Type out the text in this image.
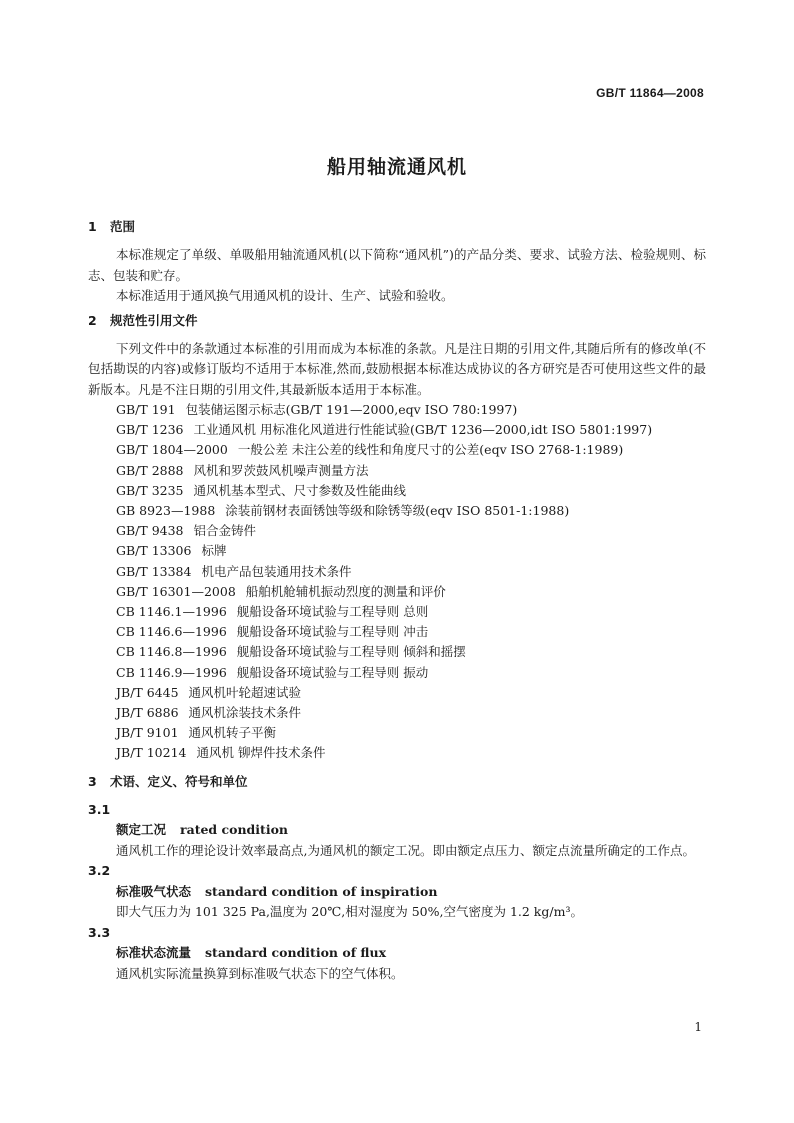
GB/T 11864—2008
船用轴流通风机
1 范围

本标准规定了单级、单吸船用轴流通风机(以下简称“通风机”)的产品分类、要求、试验方法、检验规则、标志、包装和贮存。

本标准适用于通风换气用通风机的设计、生产、试验和验收。

2 规范性引用文件

下列文件中的条款通过本标准的引用而成为本标准的条款。凡是注日期的引用文件,其随后所有的修改单(不包括勘误的内容)或修订版均不适用于本标准,然而,鼓励根据本标准达成协议的各方研究是否可使用这些文件的最新版本。凡是不注日期的引用文件,其最新版本适用于本标准。

GB/T 191 包装储运图示标志(GB/T 191—2000,eqv ISO 780:1997)

GB/T 1236 工业通风机 用标准化风道进行性能试验(GB/T 1236—2000,idt ISO 5801:1997)

GB/T 1804—2000 一般公差 未注公差的线性和角度尺寸的公差(eqv ISO 2768-1:1989)

GB/T 2888 风机和罗茨鼓风机噪声测量方法

GB/T 3235 通风机基本型式、尺寸参数及性能曲线

GB 8923—1988 涂装前钢材表面锈蚀等级和除锈等级(eqv ISO 8501-1:1988)

GB/T 9438 铝合金铸件

GB/T 13306 标牌

GB/T 13384 机电产品包装通用技术条件

GB/T 16301—2008 船舶机舱辅机振动烈度的测量和评价

CB 1146.1—1996 舰船设备环境试验与工程导则 总则

CB 1146.6—1996 舰船设备环境试验与工程导则 冲击

CB 1146.8—1996 舰船设备环境试验与工程导则 倾斜和摇摆

CB 1146.9—1996 舰船设备环境试验与工程导则 振动

JB/T 6445 通风机叶轮超速试验

JB/T 6886 通风机涂装技术条件

JB/T 9101 通风机转子平衡

JB/T 10214 通风机 铆焊件技术条件

3 术语、定义、符号和单位

3.1

额定工况 rated condition

通风机工作的理论设计效率最高点,为通风机的额定工况。即由额定点压力、额定点流量所确定的工作点。

3.2

标准吸气状态 standard condition of inspiration

即大气压力为 101 325 Pa,温度为 20℃,相对湿度为 50%,空气密度为 1.2 kg/m³。

3.3

标准状态流量 standard condition of flux

通风机实际流量换算到标准吸气状态下的空气体积。

1
